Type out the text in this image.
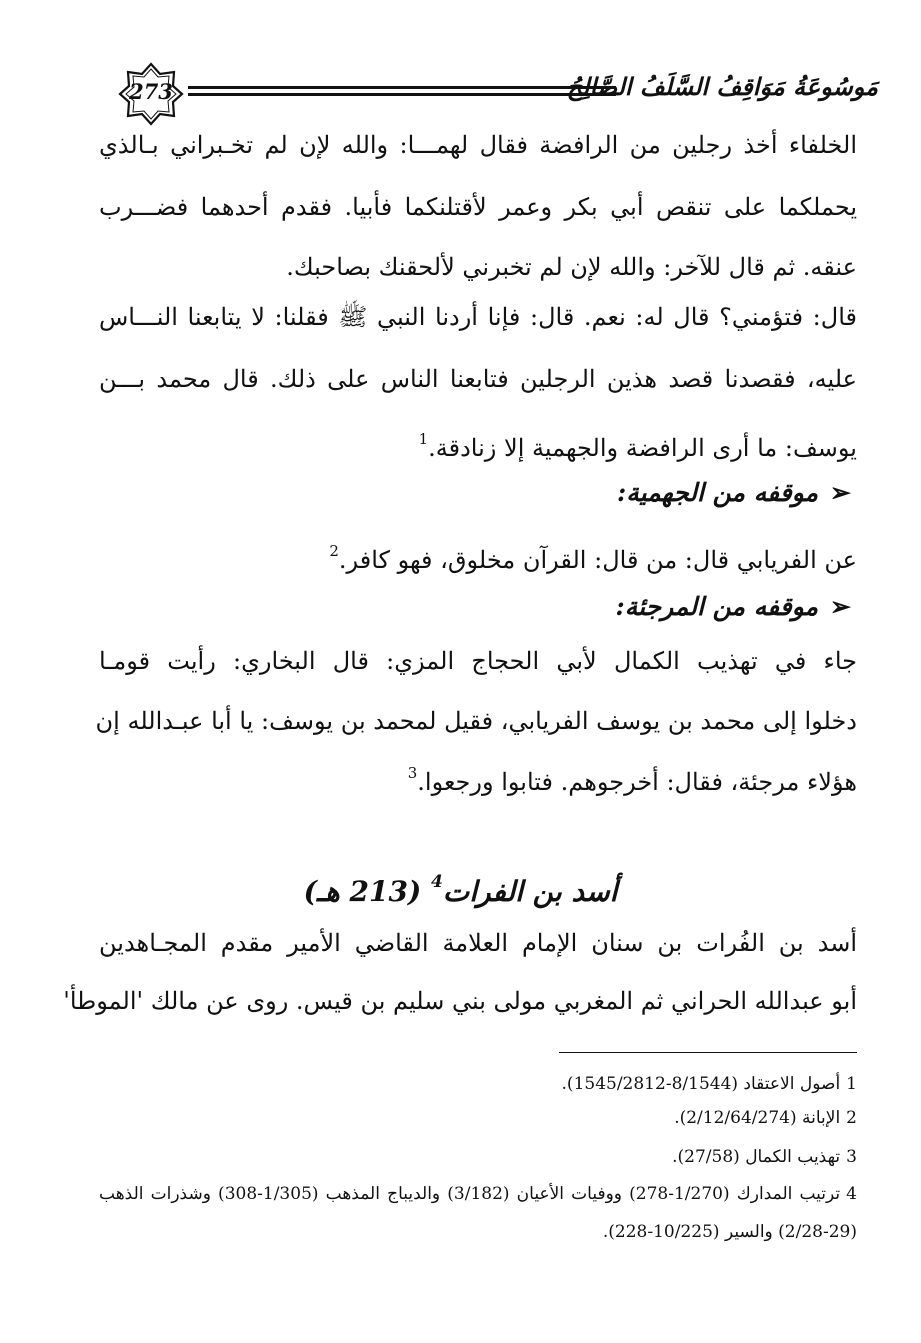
273	مَوسُوعَةُ مَوَاقِفُ السَّلَفُ الصَّالِحُ
الخلفاء أخذ رجلين من الرافضة فقال لهمـــا: والله لإن لم تخـبراني بـالذي
يحملكما على تنقص أبي بكر وعمر لأقتلنكما فأبيا. فقدم أحدهما فضـــرب
عنقه. ثم قال للآخر: والله لإن لم تخبرني لألحقنك بصاحبك.
قال: فتؤمني؟ قال له: نعم. قال: فإنا أردنا النبي ﷺ فقلنا: لا يتابعنا النـــاس
عليه، فقصدنا قصد هذين الرجلين فتابعنا الناس على ذلك. قال محمد بـــن
يوسف: ما أرى الرافضة والجهمية إلا زنادقة.1
➢موقفه من الجهمية:
عن الفريابي قال: من قال: القرآن مخلوق، فهو كافر.2
➢موقفه من المرجئة:
جاء في تهذيب الكمال لأبي الحجاج المزي: قال البخاري: رأيت قومـا
دخلوا إلى محمد بن يوسف الفريابي، فقيل لمحمد بن يوسف: يا أبا عبـدالله إن
هؤلاء مرجئة، فقال: أخرجوهم. فتابوا ورجعوا.3
أسد بن الفرات4 (213 هـ)
أسد بن الفُرات بن سنان الإمام العلامة القاضي الأمير مقدم المجـاهدين
أبو عبدالله الحراني ثم المغربي مولى بني سليم بن قيس. روى عن مالك 'الموطأ'
1أصول الاعتقاد (8/1544-1545/2812).
2الإبانة (2/12/64/274).
3تهذيب الكمال (27/58).
4ترتيب المدارك (1/270-278) ووفيات الأعيان (3/182) والديباج المذهب (1/305-308) وشذرات الذهب
(2/28-29) والسير (10/225-228).
